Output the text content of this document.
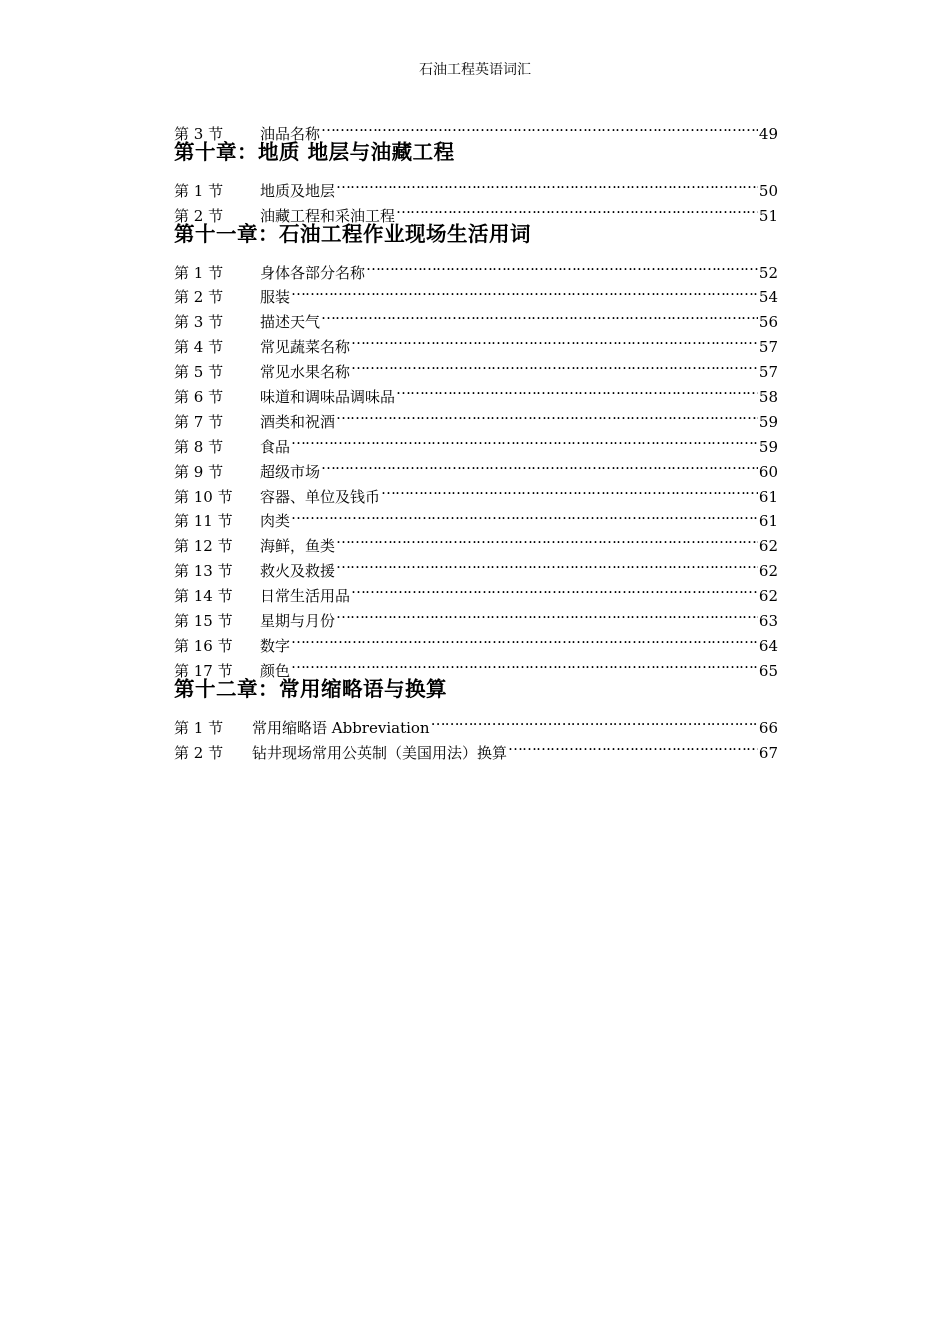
石油工程英语词汇
第 3 节	油品名称 …………………………………………………………………………………………………………………………………………………………………………	49
第十章：地质 地层与油藏工程
第 1 节	地质及地层 …………………………………………………………………………………………………………………………………………………………………………	50
第 2 节	油藏工程和采油工程 …………………………………………………………………………………………………………………………………………………………………………	51
第十一章：石油工程作业现场生活用词
第 1 节	身体各部分名称 …………………………………………………………………………………………………………………………………………………………………………	52
第 2 节	服装 …………………………………………………………………………………………………………………………………………………………………………	54
第 3 节	描述天气 …………………………………………………………………………………………………………………………………………………………………………	56
第 4 节	常见蔬菜名称 …………………………………………………………………………………………………………………………………………………………………………	57
第 5 节	常见水果名称 …………………………………………………………………………………………………………………………………………………………………………	57
第 6 节	味道和调味品调味品 …………………………………………………………………………………………………………………………………………………………………………	58
第 7 节	酒类和祝酒 …………………………………………………………………………………………………………………………………………………………………………	59
第 8 节	食品 …………………………………………………………………………………………………………………………………………………………………………	59
第 9 节	超级市场 …………………………………………………………………………………………………………………………………………………………………………	60
第 10 节	容器、单位及钱币 …………………………………………………………………………………………………………………………………………………………………………	61
第 11 节	肉类 …………………………………………………………………………………………………………………………………………………………………………	61
第 12 节	海鲜，鱼类 …………………………………………………………………………………………………………………………………………………………………………	62
第 13 节	救火及救援 …………………………………………………………………………………………………………………………………………………………………………	62
第 14 节	日常生活用品 …………………………………………………………………………………………………………………………………………………………………………	62
第 15 节	星期与月份 …………………………………………………………………………………………………………………………………………………………………………	63
第 16 节	数字 …………………………………………………………………………………………………………………………………………………………………………	64
第 17 节	颜色 …………………………………………………………………………………………………………………………………………………………………………	65
第十二章：常用缩略语与换算
第 1 节	常用缩略语 Abbreviation …………………………………………………………………………………………………………………………………………………………………………	66
第 2 节	钻井现场常用公英制（美国用法）换算 …………………………………………………………………………………………………………………………………………………………………………	67
